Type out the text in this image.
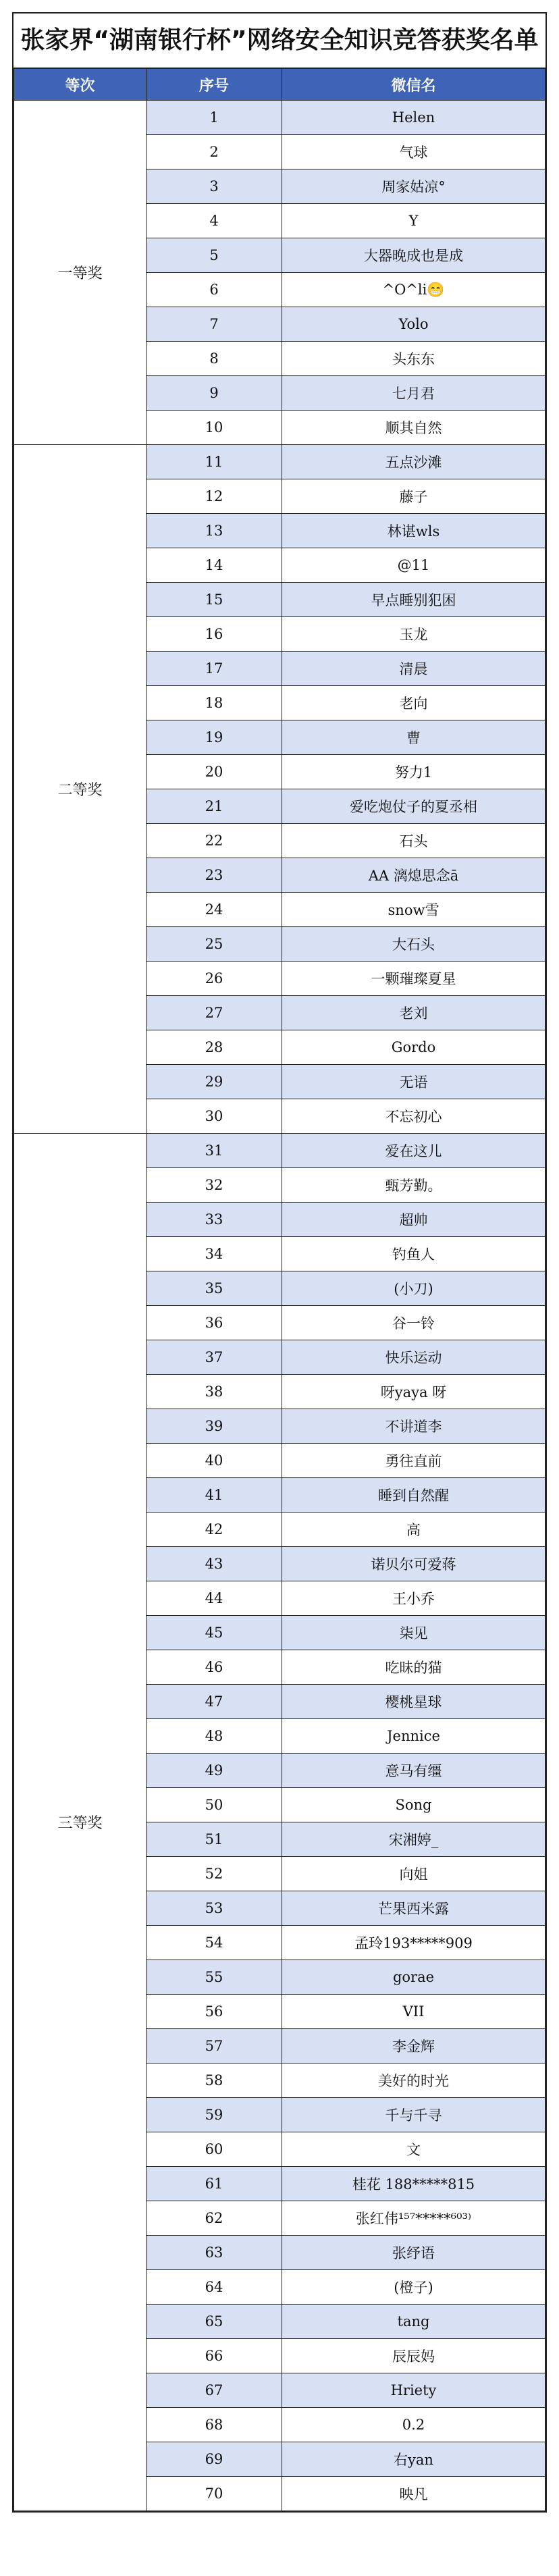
张家界“湖南银行杯”网络安全知识竞答获奖名单
等次	序号	微信名
一等奖	1	Helen
	2	气球
	3	周家姑凉°
	4	Y
	5	大器晚成也是成
	6	^O^li😁
	7	Yolo
	8	头东东
	9	七月君
	10	顺其自然
二等奖	11	五点沙滩
	12	藤子
	13	林谌wls
	14	@11
	15	早点睡别犯困
	16	玉龙
	17	清晨
	18	老向
	19	曹
	20	努力1
	21	爱吃炮仗子的夏丞相
	22	石头
	23	AA 漓熄思念ā
	24	snow雪
	25	大石头
	26	一颗璀璨夏星
	27	老刘
	28	Gordo
	29	无语
	30	不忘初心
三等奖	31	爱在这儿
	32	甄芳勤。
	33	超帅
	34	钓鱼人
	35	(小刀)
	36	谷一铃
	37	快乐运动
	38	呀yaya 呀
	39	不讲道李
	40	勇往直前
	41	睡到自然醒
	42	高
	43	诺贝尔可爱蒋
	44	王小乔
	45	柒见
	46	吃昧的猫
	47	樱桃星球
	48	Jennice
	49	意马有缰
	50	Song
	51	宋湘婷_
	52	向姐
	53	芒果西米露
	54	孟玲193*****909
	55	gorae
	56	VII
	57	李金辉
	58	美好的时光
	59	千与千寻
	60	文
	61	桂花 188*****815
	62	张红伟¹⁵⁷*****⁶⁰³⁾
	63	张纾语
	64	(橙子)
	65	tang
	66	辰辰妈
	67	Hriety
	68	0.2
	69	右yan
	70	映凡
